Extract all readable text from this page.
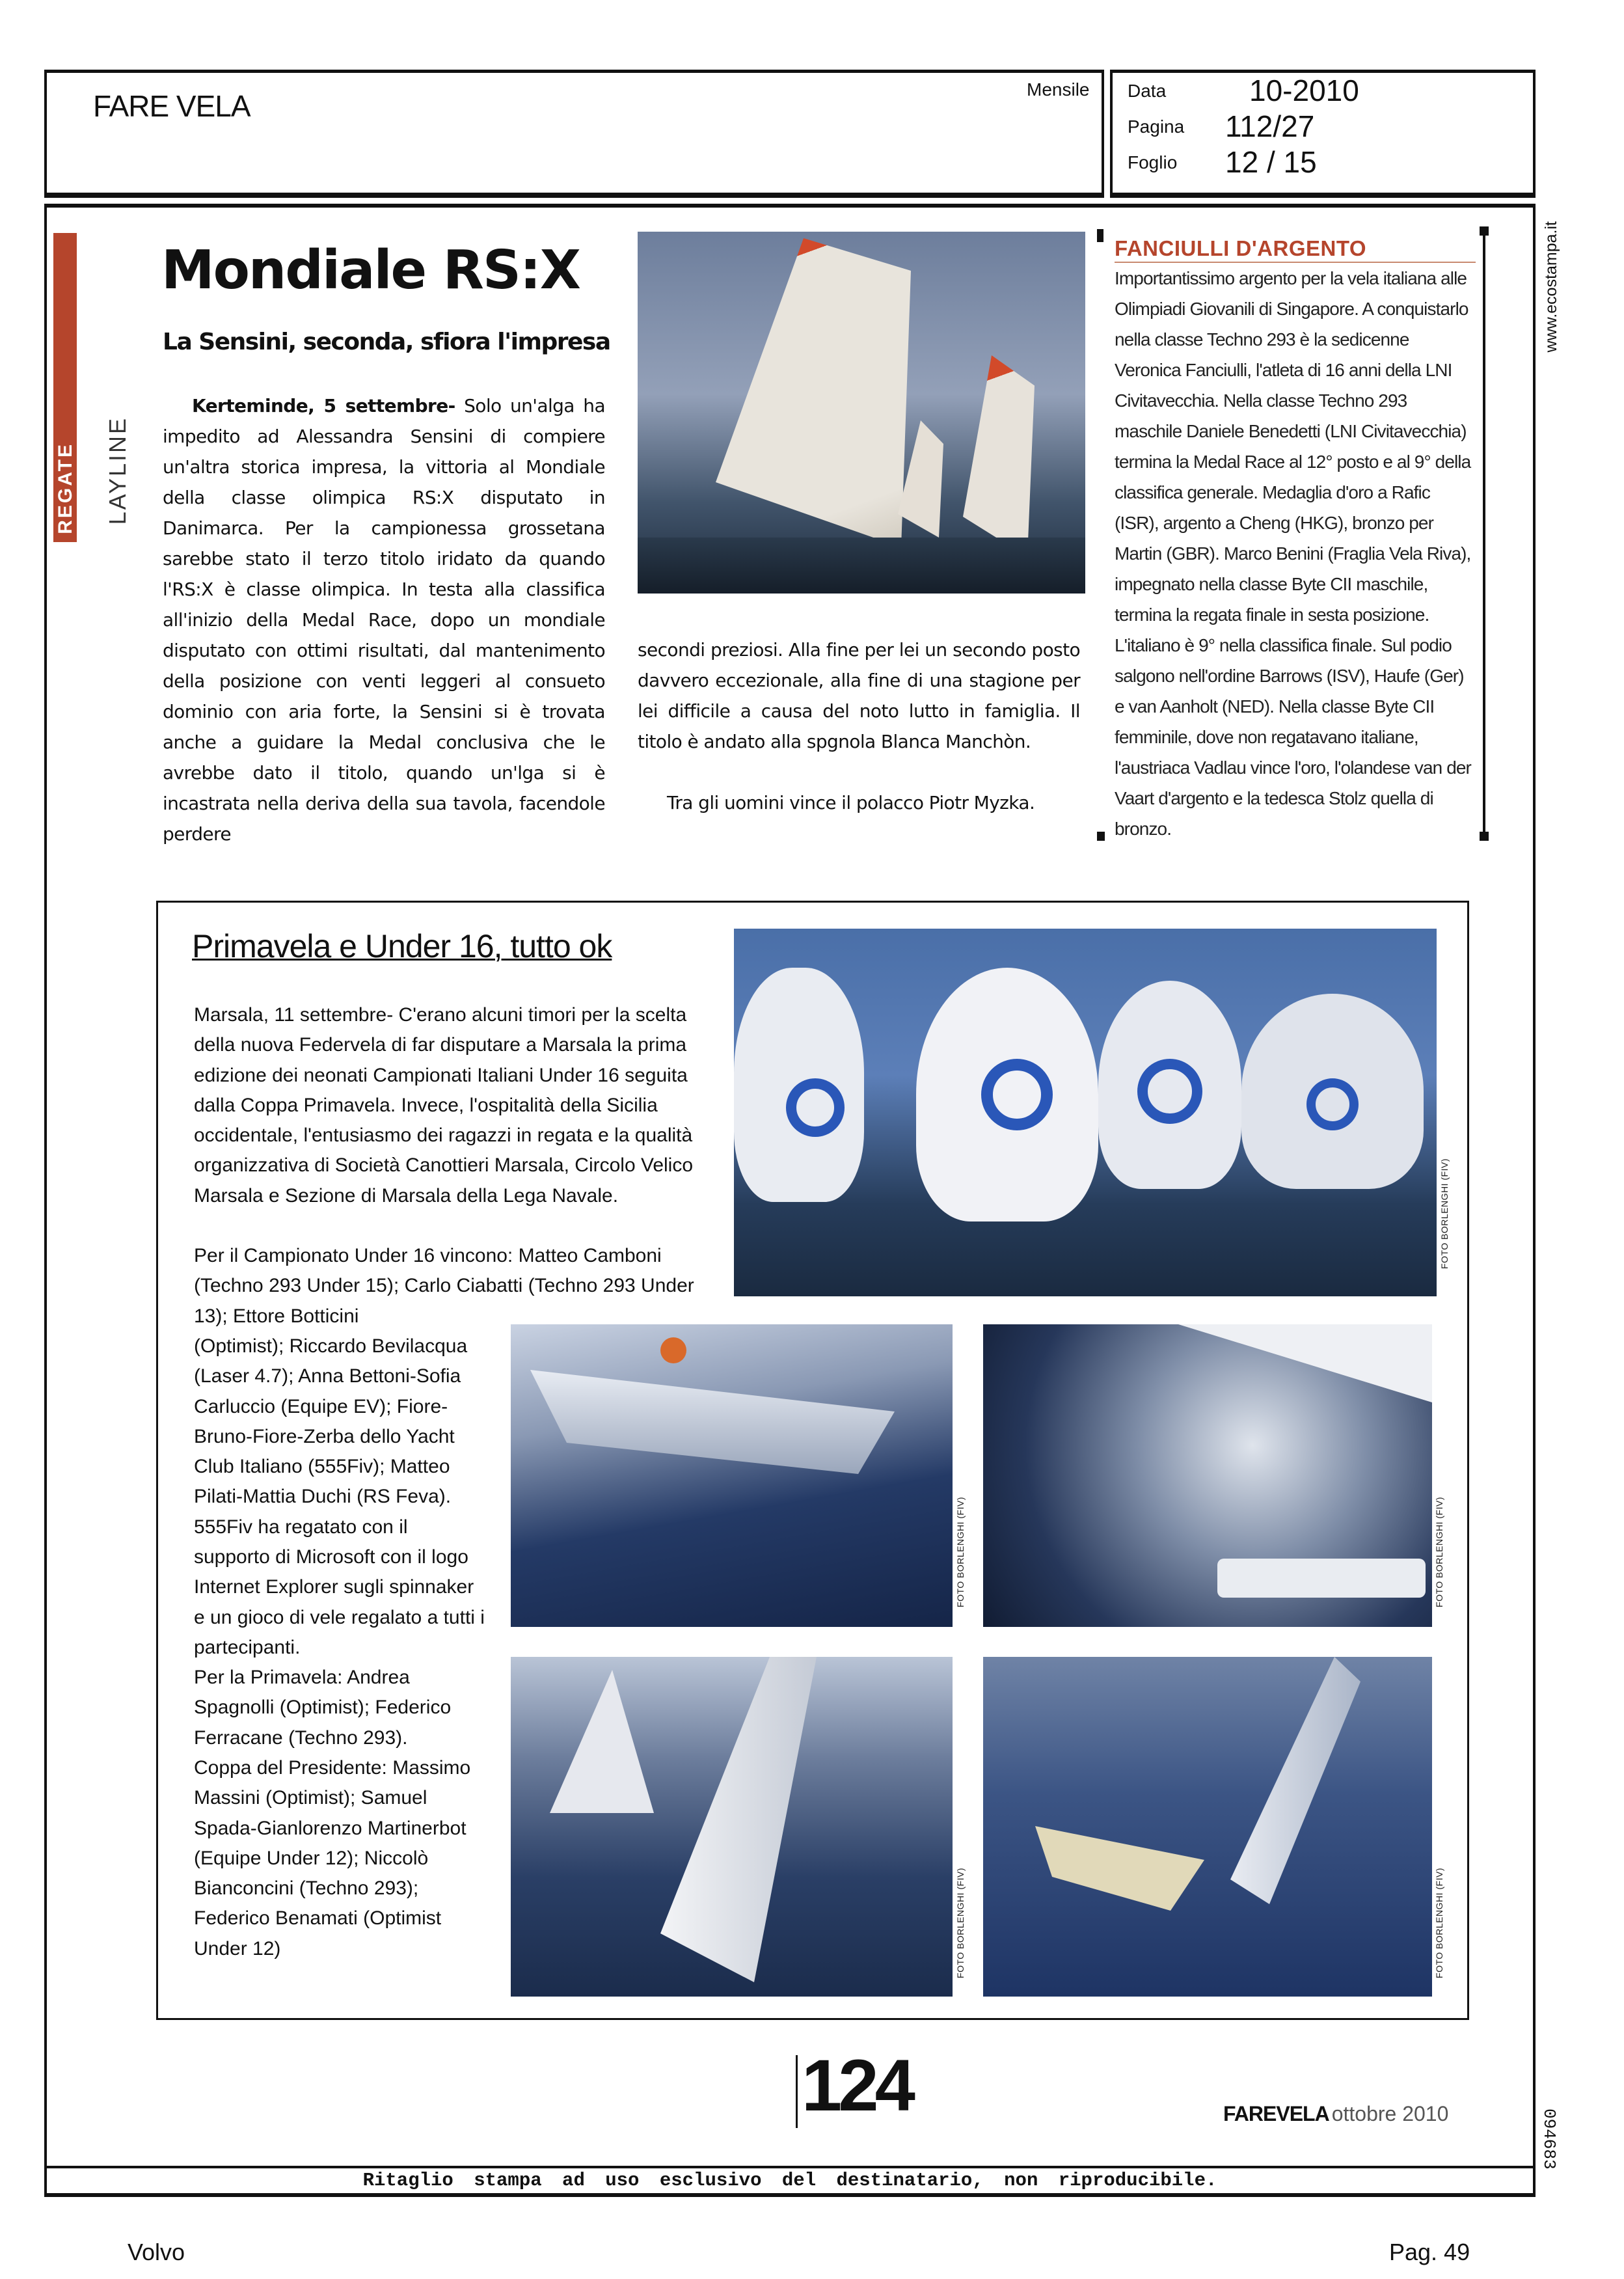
FARE VELA	Mensile Data	10-2010
Pagina 112/27
Foglio 12 / 15
Ritaglio stampa ad uso esclusivo del destinatario, non riproducibile.
www.ecostampa.it
094683
REGATE LAYLINE
Mondiale RS:X
La Sensini, seconda, sfiora l'impresa
Kerteminde, 5 settembre- Solo un'alga ha impedito ad Alessandra Sensini di compiere un'altra storica impresa, la vittoria al Mondiale della classe olimpica RS:X disputato in Danimarca. Per la campionessa grossetana sarebbe stato il terzo titolo iridato da quando l'RS:X è classe olimpica. In testa alla classifica all'inizio della Medal Race, dopo un mondiale disputato con ottimi risultati, dal mantenimento della posizione con venti leggeri al consueto dominio con aria forte, la Sensini si è trovata anche a guidare la Medal conclusiva che le avrebbe dato il titolo, quando un'lga si è incastrata nella deriva della sua tavola, facendole perdere
secondi preziosi. Alla fine per lei un secondo posto davvero eccezionale, alla fine di una stagione per lei difficile a causa del noto lutto in famiglia. Il titolo è andato alla spgnola Blanca Manchòn.
Tra gli uomini vince il polacco Piotr Myzka.
FANCIULLI D'ARGENTO
Importantissimo argento per la vela italiana alle Olimpiadi Giovanili di Singapore. A conquistarlo nella classe Techno 293 è la sedicenne Veronica Fanciulli, l'atleta di 16 anni della LNI Civitavecchia. Nella classe Techno 293 maschile Daniele Benedetti (LNI Civitavecchia) termina la Medal Race al 12° posto e al 9° della classifica generale. Medaglia d'oro a Rafic (ISR), argento a Cheng (HKG), bronzo per Martin (GBR). Marco Benini (Fraglia Vela Riva), impegnato nella classe Byte CII maschile, termina la regata finale in sesta posizione. L'italiano è 9° nella classifica finale. Sul podio salgono nell'ordine Barrows (ISV), Haufe (Ger) e van Aanholt (NED). Nella classe Byte CII femminile, dove non regatavano italiane, l'austriaca Vadlau vince l'oro, l'olandese van der Vaart d'argento e la tedesca Stolz quella di bronzo.
Primavela e Under 16, tutto ok
Marsala, 11 settembre- C'erano alcuni timori per la scelta della nuova Federvela di far disputare a Marsala la prima edizione dei neonati Campionati Italiani Under 16 seguita dalla Coppa Primavela. Invece, l'ospitalità della Sicilia occidentale, l'entusiasmo dei ragazzi in regata e la qualità organizzativa di Società Canottieri Marsala, Circolo Velico Marsala e Sezione di Marsala della Lega Navale.
Per il Campionato Under 16 vincono: Matteo Camboni (Techno 293 Under 15); Carlo Ciabatti (Techno 293 Under 13); Ettore Botticini
(Optimist); Riccardo Bevilacqua (Laser 4.7); Anna Bettoni-Sofia Carluccio (Equipe EV); Fiore-Bruno-Fiore-Zerba dello Yacht Club Italiano (555Fiv); Matteo Pilati-Mattia Duchi (RS Feva). 555Fiv ha regatato con il supporto di Microsoft con il logo Internet Explorer sugli spinnaker e un gioco di vele regalato a tutti i partecipanti.
Per la Primavela: Andrea Spagnolli (Optimist); Federico Ferracane (Techno 293).
Coppa del Presidente: Massimo Massini (Optimist); Samuel Spada-Gianlorenzo Martinerbot (Equipe Under 12); Niccolò Bianconcini (Techno 293); Federico Benamati (Optimist Under 12)
FOTO BORLENGHI (FIV)
FOTO BORLENGHI (FIV)	FOTO BORLENGHI (FIV)
FOTO BORLENGHI (FIV)	FOTO BORLENGHI (FIV)
124	FAREVELA ottobre 2010
Volvo	Pag. 49
